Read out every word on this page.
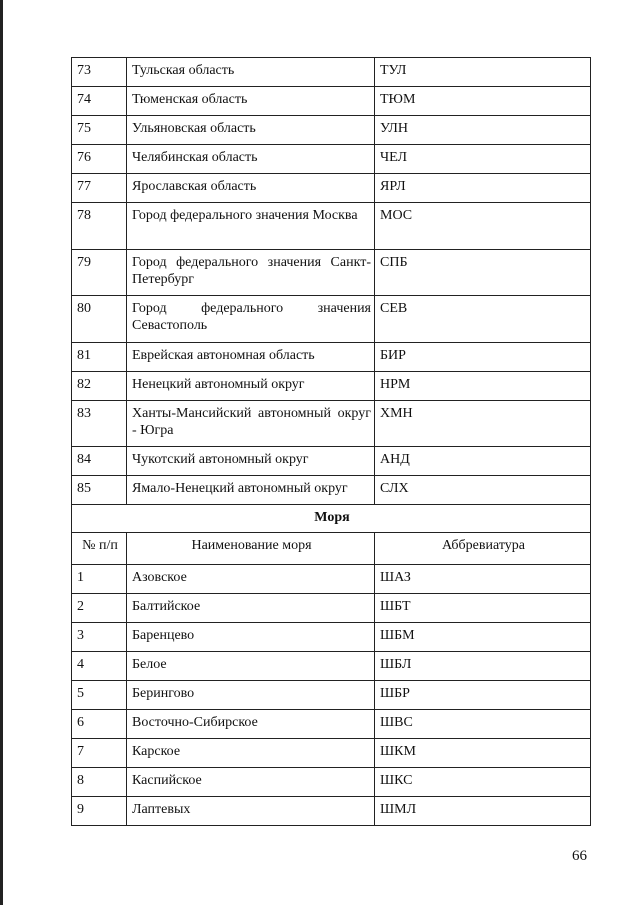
73	Тульская область	ТУЛ
74	Тюменская область	ТЮМ
75	Ульяновская область	УЛН
76	Челябинская область	ЧЕЛ
77	Ярославская область	ЯРЛ
78	Город федерального значения Москва	МОС
79	Город федерального значения Санкт-Петербург	СПБ
80	Город федерального значения Севастополь	СЕВ
81	Еврейская автономная область	БИР
82	Ненецкий автономный округ	НРМ
83	Ханты-Мансийский автономный округ - Югра	ХМН
84	Чукотский автономный округ	АНД
85	Ямало-Ненецкий автономный округ	СЛХ
Моря		
№ п/п	Наименование моря	Аббревиатура
1	Азовское	ШАЗ
2	Балтийское	ШБТ
3	Баренцево	ШБМ
4	Белое	ШБЛ
5	Берингово	ШБР
6	Восточно-Сибирское	ШВС
7	Карское	ШКМ
8	Каспийское	ШКС
9	Лаптевых	ШМЛ
66
